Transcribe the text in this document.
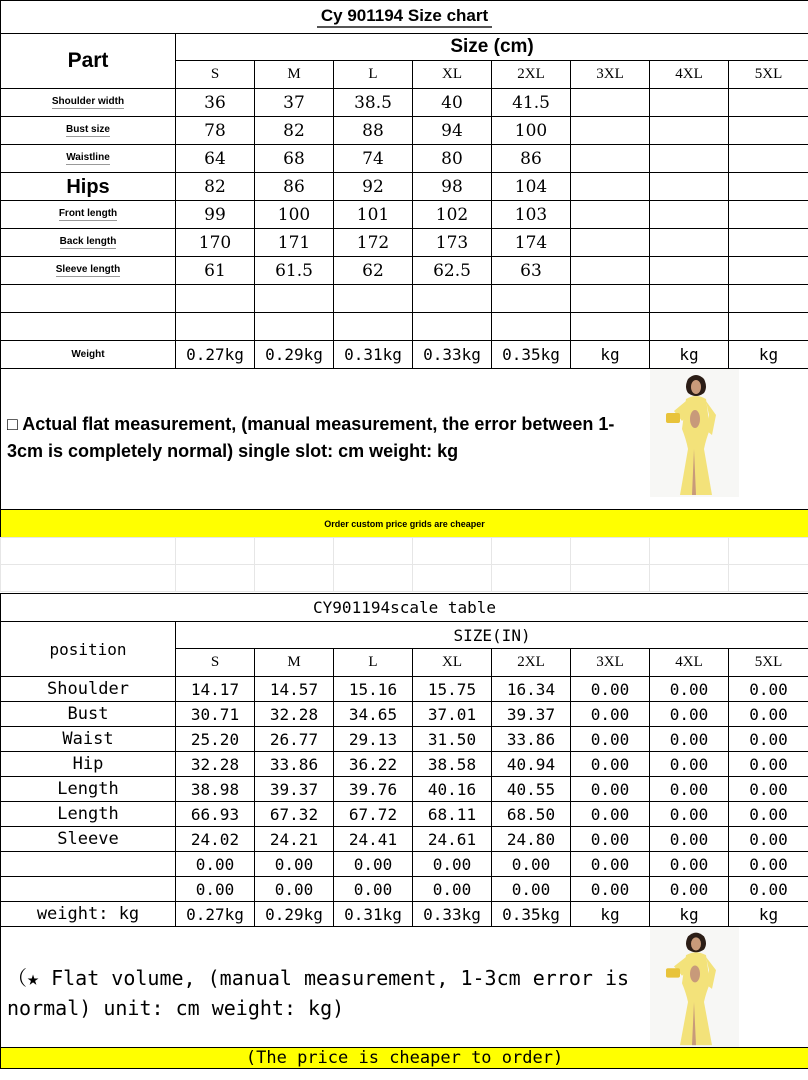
Cy 901194 Size chart								
Part	Size (cm)							
	S	M	L	XL	2XL	3XL	4XL	5XL
Shoulder width	36	37	38.5	40	41.5			
Bust size	78	82	88	94	100			
Waistline	64	68	74	80	86			
Hips	82	86	92	98	104			
Front length	99	100	101	102	103			
Back length	170	171	172	173	174			
Sleeve length	61	61.5	62	62.5	63			

Weight	0.27kg	0.29kg	0.31kg	0.33kg	0.35kg	kg	kg	kg

□ Actual flat measurement, (manual measurement, the error between 1-3cm is completely normal) single slot: cm weight: kg								

Order custom price grids are cheaper								

CY901194scale table								
position	SIZE(IN)							
	S	M	L	XL	2XL	3XL	4XL	5XL
Shoulder	14.17	14.57	15.16	15.75	16.34	0.00	0.00	0.00
Bust	30.71	32.28	34.65	37.01	39.37	0.00	0.00	0.00
Waist	25.20	26.77	29.13	31.50	33.86	0.00	0.00	0.00
Hip	32.28	33.86	36.22	38.58	40.94	0.00	0.00	0.00
Length	38.98	39.37	39.76	40.16	40.55	0.00	0.00	0.00
Length	66.93	67.32	67.72	68.11	68.50	0.00	0.00	0.00
Sleeve	24.02	24.21	24.41	24.61	24.80	0.00	0.00	0.00
	0.00	0.00	0.00	0.00	0.00	0.00	0.00	0.00
	0.00	0.00	0.00	0.00	0.00	0.00	0.00	0.00
weight: kg	0.27kg	0.29kg	0.31kg	0.33kg	0.35kg	kg	kg	kg

（★ Flat volume, (manual measurement, 1-3cm error is normal) unit: cm weight: kg)								

(The price is cheaper to order)								
